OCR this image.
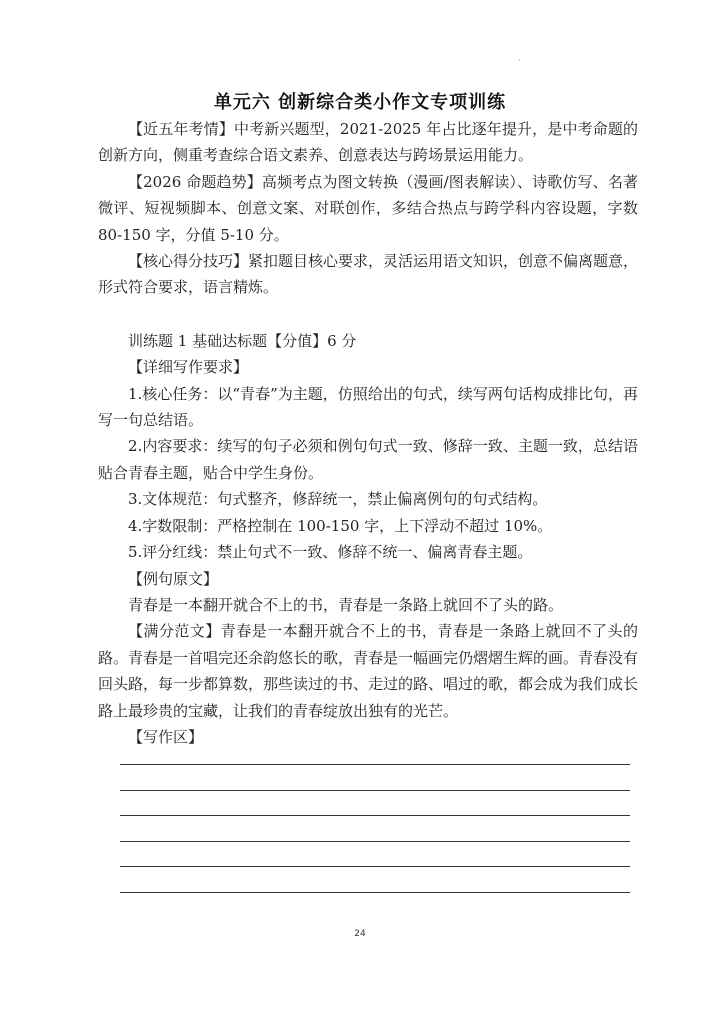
·
单元六 创新综合类小作文专项训练

【近五年考情】中考新兴题型，2021-2025 年占比逐年提升，是中考命题的创新方向，侧重考查综合语文素养、创意表达与跨场景运用能力。

【2026 命题趋势】高频考点为图文转换（漫画/图表解读）、诗歌仿写、名著微评、短视频脚本、创意文案、对联创作，多结合热点与跨学科内容设题，字数 80-150 字，分值 5-10 分。

【核心得分技巧】紧扣题目核心要求，灵活运用语文知识，创意不偏离题意，形式符合要求，语言精炼。

训练题 1 基础达标题【分值】6 分

【详细写作要求】

1.核心任务：以“青春”为主题，仿照给出的句式，续写两句话构成排比句，再写一句总结语。

2.内容要求：续写的句子必须和例句句式一致、修辞一致、主题一致，总结语贴合青春主题，贴合中学生身份。

3.文体规范：句式整齐，修辞统一，禁止偏离例句的句式结构。

4.字数限制：严格控制在 100-150 字，上下浮动不超过 10%。

5.评分红线：禁止句式不一致、修辞不统一、偏离青春主题。

【例句原文】

青春是一本翻开就合不上的书，青春是一条路上就回不了头的路。

【满分范文】青春是一本翻开就合不上的书，青春是一条路上就回不了头的路。青春是一首唱完还余韵悠长的歌，青春是一幅画完仍熠熠生辉的画。青春没有回头路，每一步都算数，那些读过的书、走过的路、唱过的歌，都会成为我们成长路上最珍贵的宝藏，让我们的青春绽放出独有的光芒。

【写作区】

24
